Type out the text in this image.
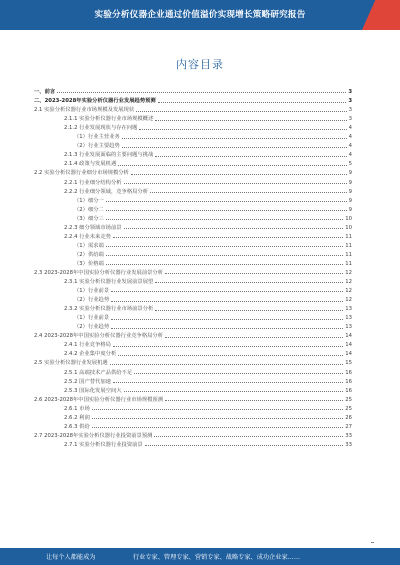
实验分析仪器企业通过价值溢价实现增长策略研究报告
内容目录
一、前言	3
二、2023-2028年实验分析仪器行业发展趋势预测	3
2.1 实验分析仪器行业市场规模及发展现状	3
2.1.1 实验分析仪器行业市场规模概述	3
2.1.2 行业发展现状与存在问题	4
（1）行业主营业务	4
（2）行业主要趋势	4
2.1.3 行业发展面临的主要问题与挑战	4
2.1.4 政策与发展机遇	5
2.2 实验分析仪器行业细分市场规模分析	9
2.2.1 行业细分结构分析	9
2.2.2 行业细分领域，竞争格局分析	9
（1）细分一	9
（2）细分二	9
（3）细分三	10
2.2.3 细分领域市场前景	10
2.2.4 行业未来走势	11
（1）需求端	11
（2）供给端	11
（3）价格端	11
2.3 2023-2028年中国实验分析仪器行业发展前景分析	12
2.3.1 实验分析仪器行业发展前景展望	12
（1）行业前景	12
（2）行业趋势	12
2.3.2 实验分析仪器行业市场前景分析	13
（1）行业前景	13
（2）行业趋势	13
2.4 2023-2028年中国实验分析仪器行业竞争格局分析	14
2.4.1 行业竞争格局	14
2.4.2 企业集中度分析	14
2.5 实验分析仪器行业发展机遇	15
2.5.1 高端技术产品供给不足	16
2.5.2 国产替代加速	16
2.5.3 国际化发展空间大	16
2.6 2023-2028年中国实验分析仪器行业市场规模预测	25
2.6.1 市场	25
2.6.2 利润	26
2.6.3 供给	27
2.7 2023-2028年实验分析仪器行业投资前景预测	33
2.7.1 实验分析仪器行业投资前景	33
让每个人都能成为	行业专家、管理专家、营销专家、战略专家、成功企业家……
